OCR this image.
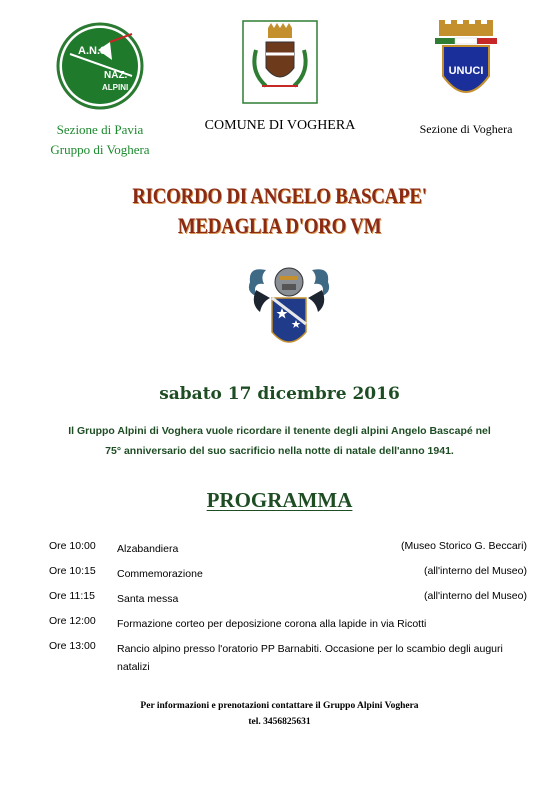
A.N.S.
NAZ.
ALPINI
Sezione di Pavia
Gruppo di Voghera
COMUNE DI VOGHERA
UNUCI
Sezione di Voghera
RICORDO DI ANGELO BASCAPE'
MEDAGLIA D'ORO VM
sabato 17 dicembre 2016
Il Gruppo Alpini di Voghera vuole ricordare il tenente degli alpini Angelo Bascapé nel
75° anniversario del suo sacrificio nella notte di natale dell'anno 1941.
PROGRAMMA
Ore 10:00	Alzabandiera	(Museo Storico G. Beccari)
Ore 10:15	Commemorazione	(all'interno del Museo)
Ore 11:15	Santa messa	(all'interno del Museo)
Ore 12:00	Formazione corteo per deposizione corona alla lapide in via Ricotti
Ore 13:00	Rancio alpino presso l'oratorio PP Barnabiti. Occasione per lo scambio degli auguri natalizi
Per informazioni e prenotazioni contattare il Gruppo Alpini Voghera
tel. 3456825631
